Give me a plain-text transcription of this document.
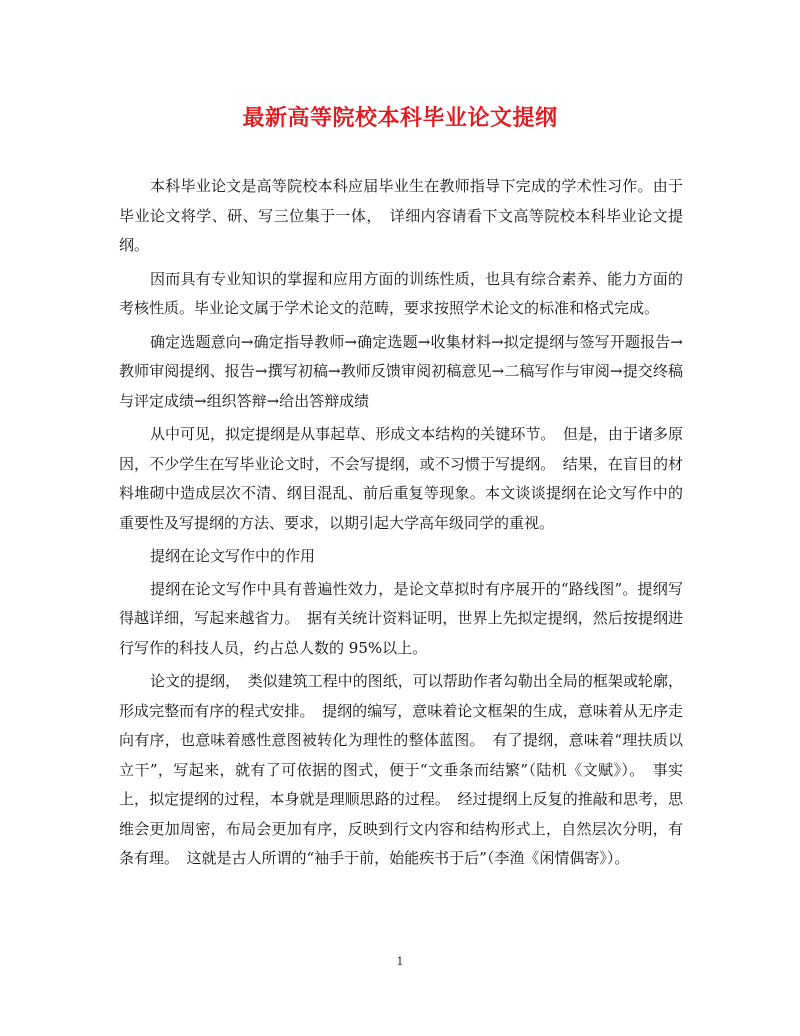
最新高等院校本科毕业论文提纲

本科毕业论文是高等院校本科应届毕业生在教师指导下完成的学术性习作。由于毕业论文将学、研、写三位集于一体，　详细内容请看下文高等院校本科毕业论文提纲。

因而具有专业知识的掌握和应用方面的训练性质，也具有综合素养、能力方面的考核性质。毕业论文属于学术论文的范畴，要求按照学术论文的标准和格式完成。

确定选题意向→确定指导教师→确定选题→收集材料→拟定提纲与签写开题报告→教师审阅提纲、报告→撰写初稿→教师反馈审阅初稿意见→二稿写作与审阅→提交终稿与评定成绩→组织答辩→给出答辩成绩

从中可见，拟定提纲是从事起草、形成文本结构的关键环节。　但是，由于诸多原因，不少学生在写毕业论文时，不会写提纲，或不习惯于写提纲。　结果，在盲目的材料堆砌中造成层次不清、纲目混乱、前后重复等现象。本文谈谈提纲在论文写作中的重要性及写提纲的方法、要求，以期引起大学高年级同学的重视。

提纲在论文写作中的作用

提纲在论文写作中具有普遍性效力，是论文草拟时有序展开的“路线图”。提纲写得越详细，写起来越省力。　据有关统计资料证明，世界上先拟定提纲，然后按提纲进行写作的科技人员，约占总人数的 95%以上。

论文的提纲，　类似建筑工程中的图纸，可以帮助作者勾勒出全局的框架或轮廓，形成完整而有序的程式安排。　提纲的编写，意味着论文框架的生成，意味着从无序走向有序，也意味着感性意图被转化为理性的整体蓝图。　有了提纲，意味着“理扶质以立干”，写起来，就有了可依据的图式，便于“文垂条而结繁”（陆机《文赋》）。　事实上，拟定提纲的过程，本身就是理顺思路的过程。　经过提纲上反复的推敲和思考，思维会更加周密，布局会更加有序，反映到行文内容和结构形式上，自然层次分明，有条有理。　这就是古人所谓的“袖手于前，始能疾书于后”（李渔《闲情偶寄》）。

1
